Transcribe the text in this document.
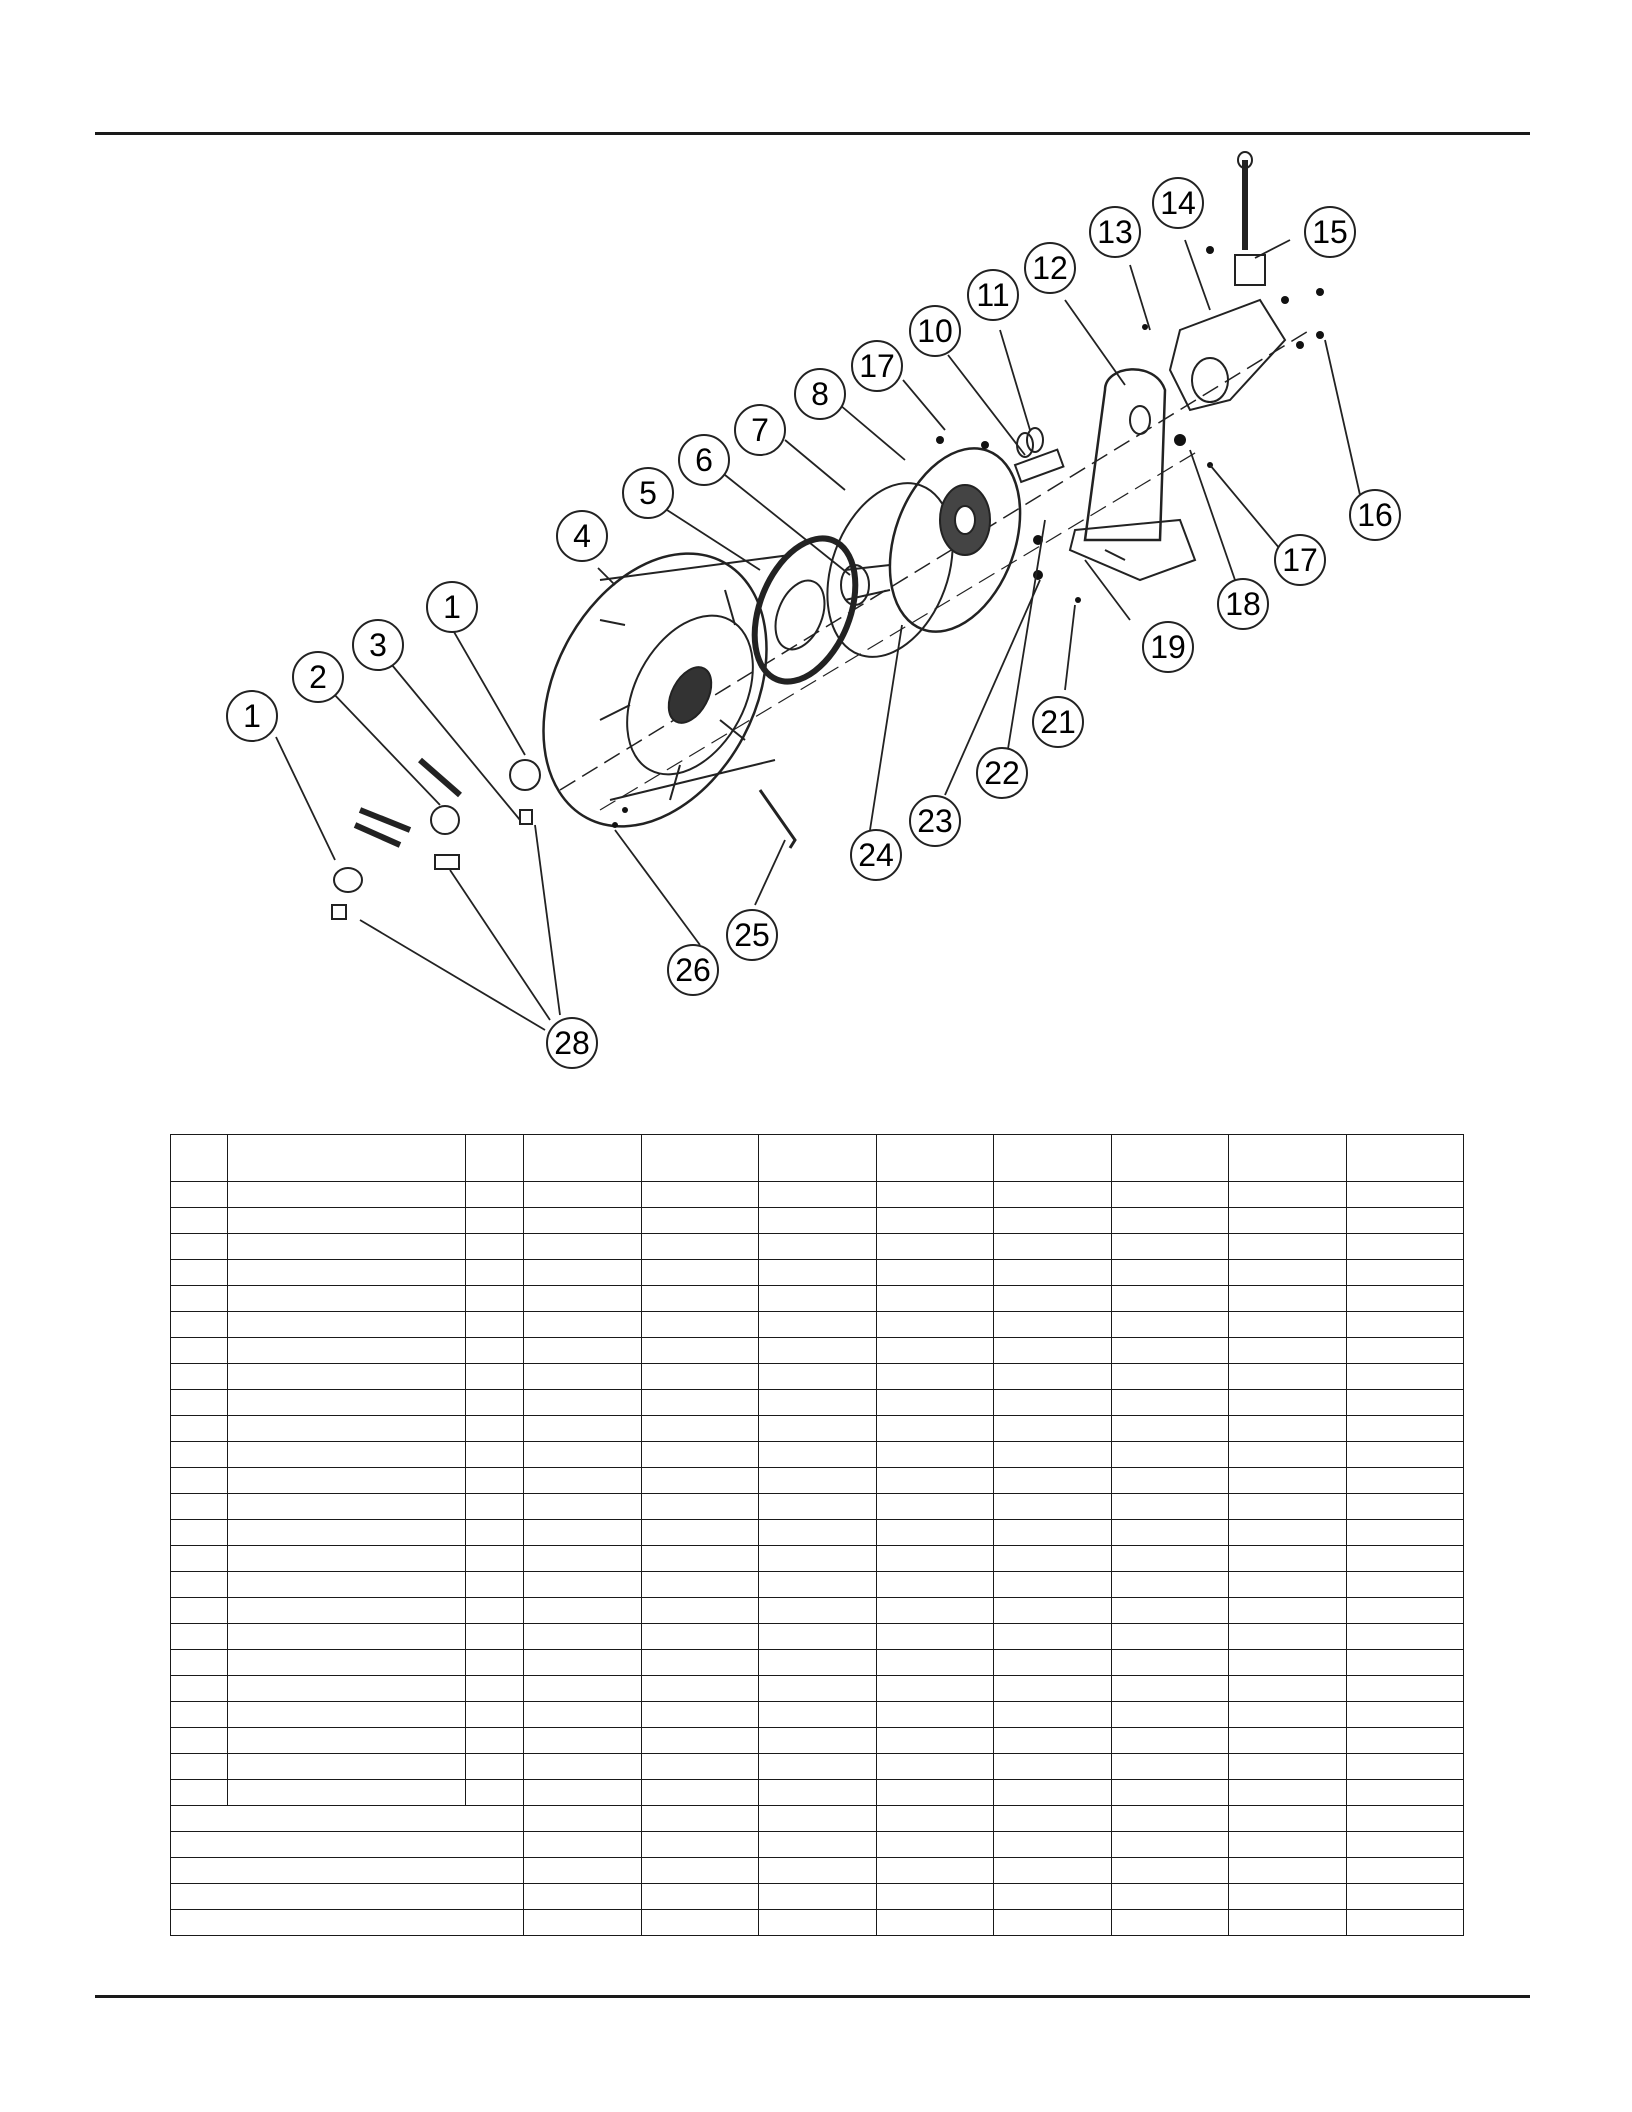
1
1
2
3
4
5
6
7
8
10
11
12
13
14
15
16
17
17
18
19
21
22
23
24
25
26
28
